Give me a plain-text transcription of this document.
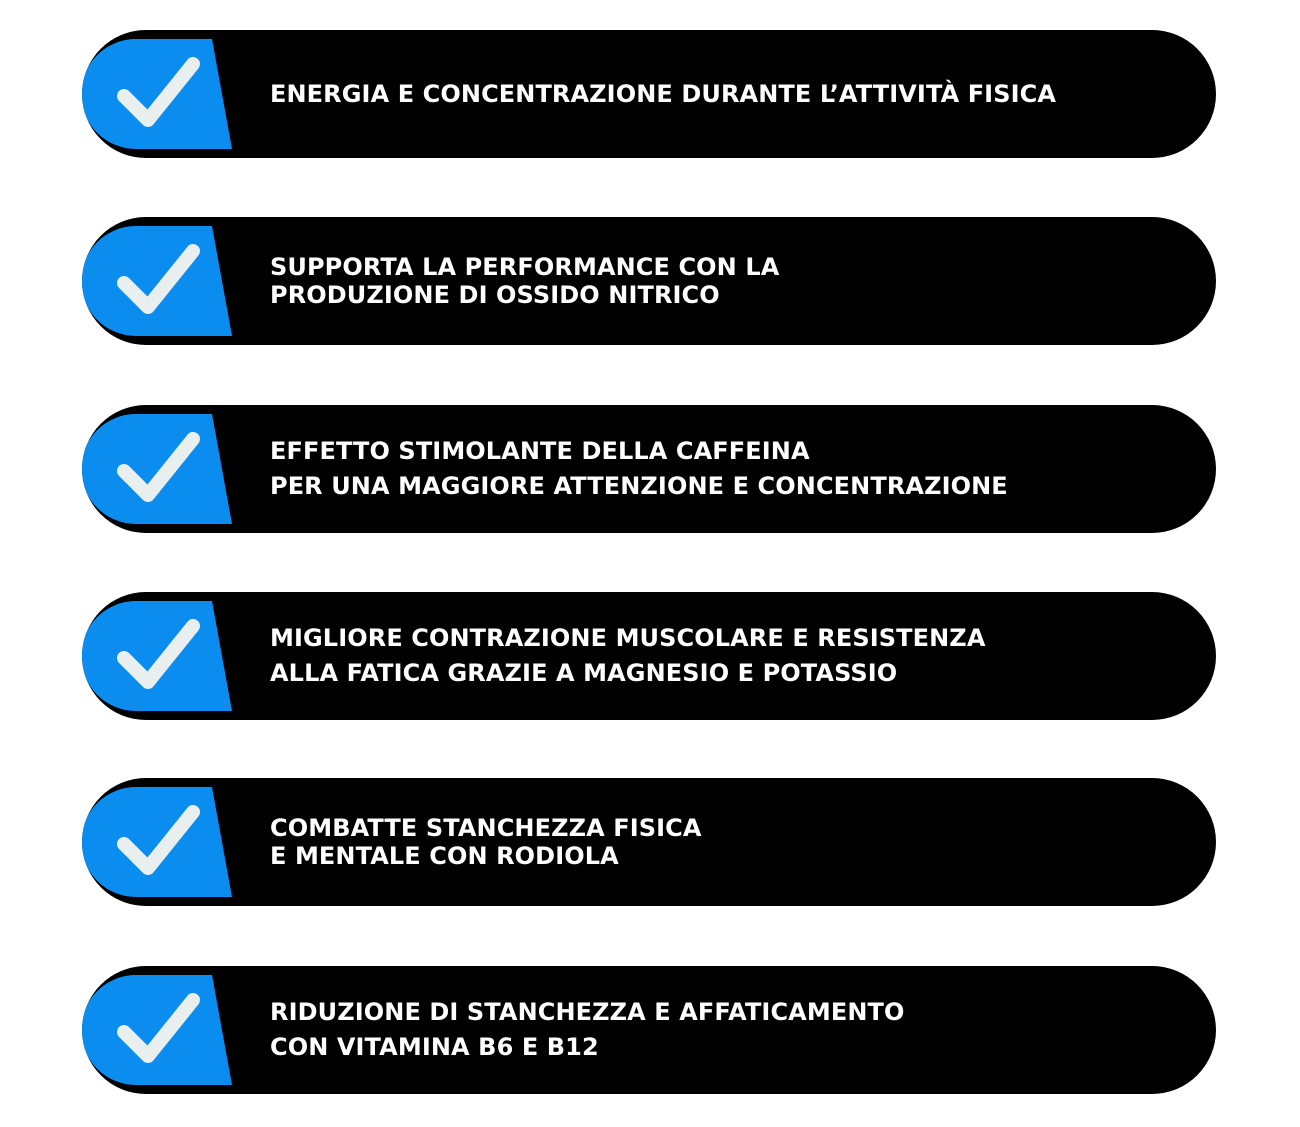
ENERGIA E CONCENTRAZIONE DURANTE L’ATTIVITÀ FISICA
SUPPORTA LA PERFORMANCE CON LA
PRODUZIONE DI OSSIDO NITRICO
EFFETTO STIMOLANTE DELLA CAFFEINA
PER UNA MAGGIORE ATTENZIONE E CONCENTRAZIONE
MIGLIORE CONTRAZIONE MUSCOLARE E RESISTENZA
ALLA FATICA GRAZIE A MAGNESIO E POTASSIO
COMBATTE STANCHEZZA FISICA
E MENTALE CON RODIOLA
RIDUZIONE DI STANCHEZZA E AFFATICAMENTO
CON VITAMINA B6 E B12
